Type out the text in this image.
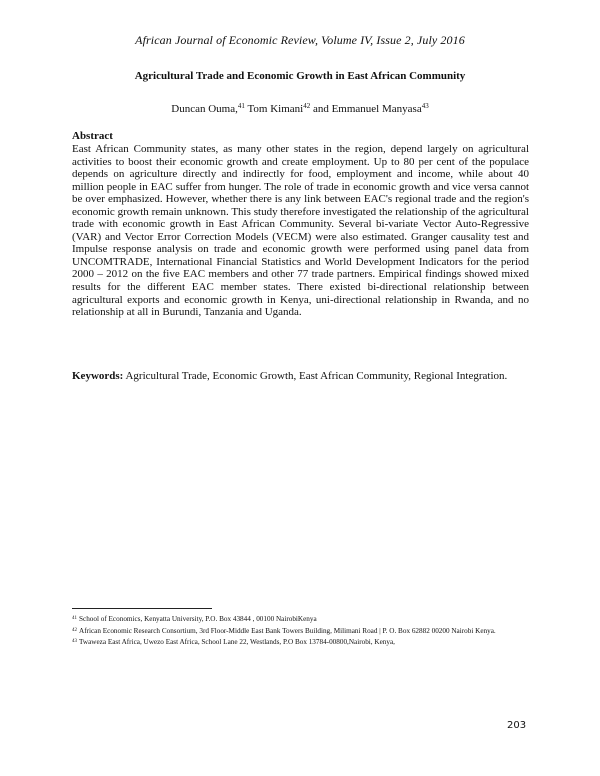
African Journal of Economic Review, Volume IV, Issue 2, July 2016
Agricultural Trade and Economic Growth in East African Community
Duncan Ouma,$^{41}$ Tom Kimani$^{42}$ and Emmanuel Manyasa$^{43}$
Abstract
East African Community states, as many other states in the region, depend largely on agricultural activities to boost their economic growth and create employment. Up to 80 per cent of the populace depends on agriculture directly and indirectly for food, employment and income, while about 40 million people in EAC suffer from hunger. The role of trade in economic growth and vice versa cannot be over emphasized. However, whether there is any link between EAC's regional trade and the region's economic growth remain unknown. This study therefore investigated the relationship of the agricultural trade with economic growth in East African Community. Several bi-variate Vector Auto-Regressive (VAR) and Vector Error Correction Models (VECM) were also estimated. Granger causality test and Impulse response analysis on trade and economic growth were performed using panel data from UNCOMTRADE, International Financial Statistics and World Development Indicators for the period 2000 – 2012 on the five EAC members and other 77 trade partners. Empirical findings showed mixed results for the different EAC member states. There existed bi-directional relationship between agricultural exports and economic growth in Kenya, uni-directional relationship in Rwanda, and no relationship at all in Burundi, Tanzania and Uganda.
Keywords: Agricultural Trade, Economic Growth, East African Community, Regional Integration.
$^{41}$ School of Economics, Kenyatta University, P.O. Box 43844 , 00100 NairobiKenya
$^{42}$ African Economic Research Consortium, 3rd Floor-Middle East Bank Towers Building, Milimani Road | P. O. Box 62882 00200 Nairobi Kenya.
$^{43}$ Twaweza East Africa, Uwezo East Africa, School Lane 22, Westlands, P.O Box 13784-00800,Nairobi, Kenya,
203
